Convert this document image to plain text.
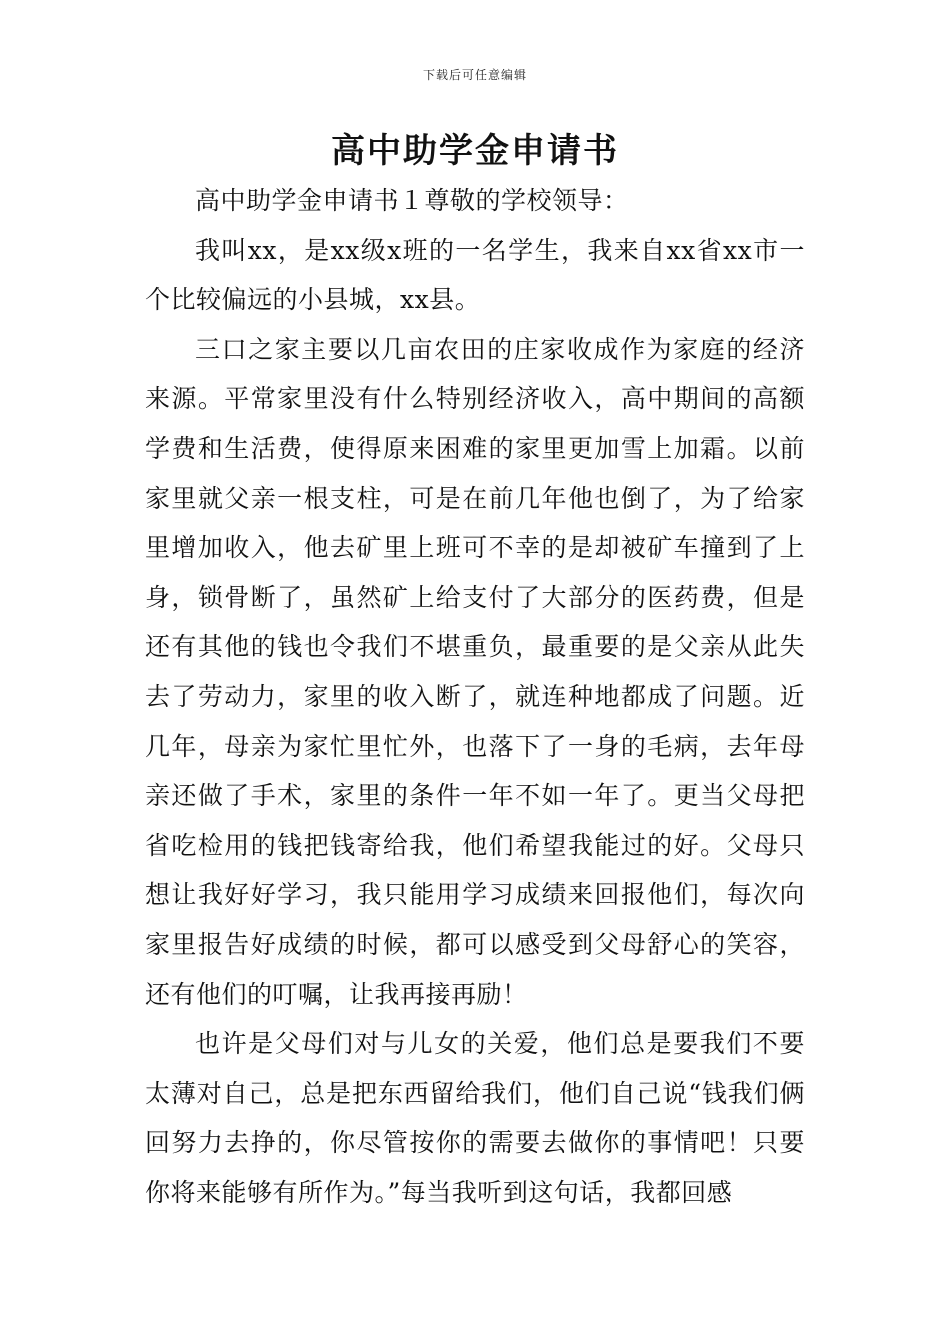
下载后可任意编辑
高中助学金申请书

高中助学金申请书１尊敬的学校领导：

我叫xx，是xx级x班的一名学生，我来自xx省xx市一个比较偏远的小县城，xx县。

三口之家主要以几亩农田的庄家收成作为家庭的经济来源。平常家里没有什么特别经济收入，高中期间的高额学费和生活费，使得原来困难的家里更加雪上加霜。以前家里就父亲一根支柱，可是在前几年他也倒了，为了给家里增加收入，他去矿里上班可不幸的是却被矿车撞到了上身，锁骨断了，虽然矿上给支付了大部分的医药费，但是还有其他的钱也令我们不堪重负，最重要的是父亲从此失去了劳动力，家里的收入断了，就连种地都成了问题。近几年，母亲为家忙里忙外，也落下了一身的毛病，去年母亲还做了手术，家里的条件一年不如一年了。更当父母把省吃检用的钱把钱寄给我，他们希望我能过的好。父母只想让我好好学习，我只能用学习成绩来回报他们，每次向家里报告好成绩的时候，都可以感受到父母舒心的笑容，还有他们的叮嘱，让我再接再励！

也许是父母们对与儿女的关爱，他们总是要我们不要太薄对自己，总是把东西留给我们，他们自己说“钱我们俩回努力去挣的，你尽管按你的需要去做你的事情吧！只要你将来能够有所作为。”每当我听到这句话，我都回感
